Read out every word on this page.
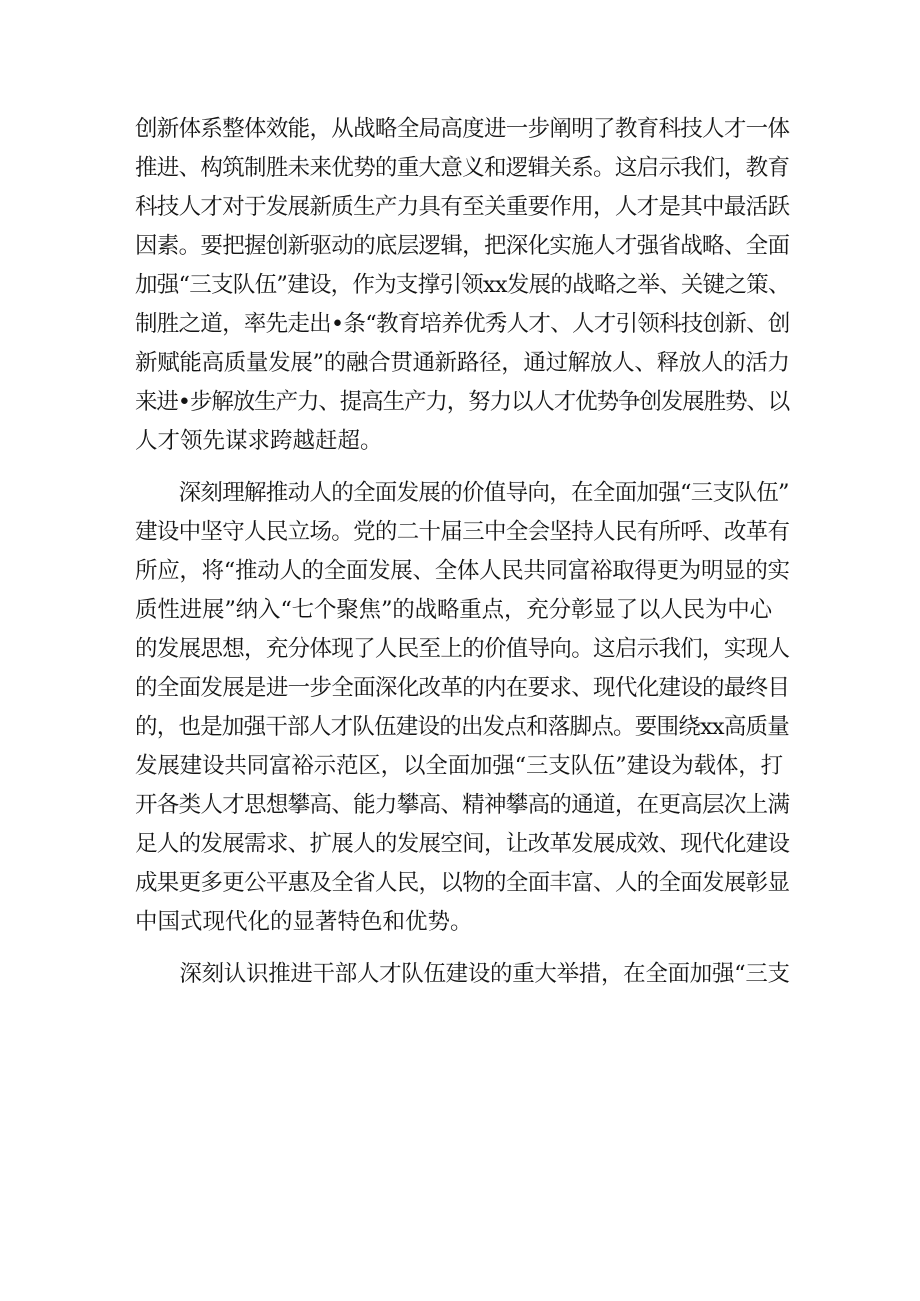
创新体系整体效能，从战略全局高度进一步阐明了教育科技人才一体
推进、构筑制胜未来优势的重大意义和逻辑关系。这启示我们，教育
科技人才对于发展新质生产力具有至关重要作用，人才是其中最活跃
因素。要把握创新驱动的底层逻辑，把深化实施人才强省战略、全面
加强“三支队伍”建设，作为支撑引领xx发展的战略之举、关键之策、
制胜之道，率先走出•条“教育培养优秀人才、人才引领科技创新、创
新赋能高质量发展”的融合贯通新路径，通过解放人、释放人的活力
来进•步解放生产力、提高生产力，努力以人才优势争创发展胜势、以
人才领先谋求跨越赶超。
　　深刻理解推动人的全面发展的价值导向，在全面加强“三支队伍”
建设中坚守人民立场。党的二十届三中全会坚持人民有所呼、改革有
所应，将“推动人的全面发展、全体人民共同富裕取得更为明显的实
质性进展”纳入“七个聚焦”的战略重点，充分彰显了以人民为中心
的发展思想，充分体现了人民至上的价值导向。这启示我们，实现人
的全面发展是进一步全面深化改革的内在要求、现代化建设的最终目
的，也是加强干部人才队伍建设的出发点和落脚点。要围绕xx高质量
发展建设共同富裕示范区，以全面加强“三支队伍”建设为载体，打
开各类人才思想攀高、能力攀高、精神攀高的通道，在更高层次上满
足人的发展需求、扩展人的发展空间，让改革发展成效、现代化建设
成果更多更公平惠及全省人民，以物的全面丰富、人的全面发展彰显
中国式现代化的显著特色和优势。
　　深刻认识推进干部人才队伍建设的重大举措，在全面加强“三支
